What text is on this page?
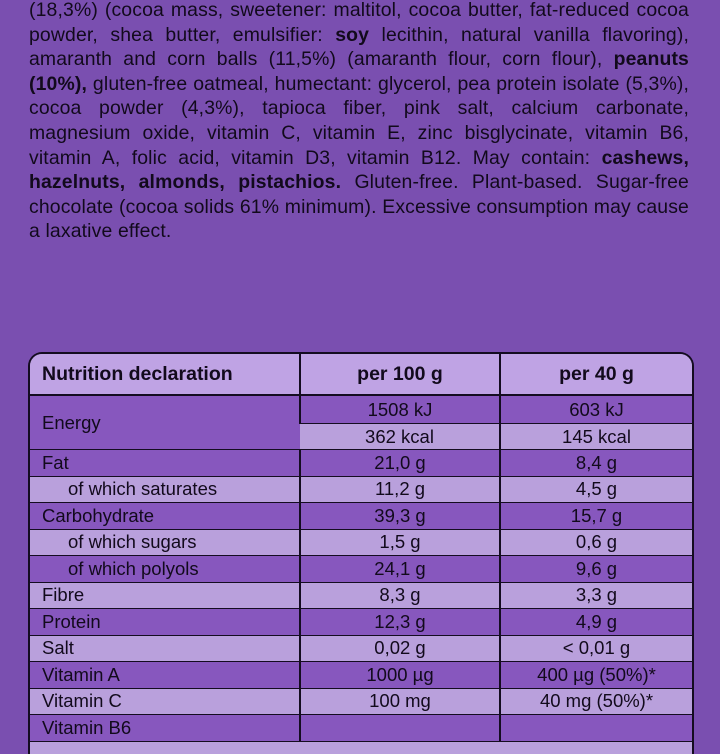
(18,3%) (cocoa mass, sweetener: maltitol, cocoa butter, fat-reduced cocoa powder, shea butter, emulsifier: soy lecithin, natural vanilla flavoring), amaranth and corn balls (11,5%) (amaranth flour, corn flour), peanuts (10%), gluten-free oatmeal, humectant: glycerol, pea protein isolate (5,3%), cocoa powder (4,3%), tapioca fiber, pink salt, calcium carbonate, magnesium oxide, vitamin C, vitamin E, zinc bisglycinate, vitamin B6, vitamin A, folic acid, vitamin D3, vitamin B12. May contain: cashews, hazelnuts, almonds, pistachios. Gluten-free. Plant-based. Sugar-free chocolate (cocoa solids 61% minimum). Excessive consumption may cause a laxative effect.
Nutrition declaration	per 100 g	per 40 g
Energy	1508 kJ	603 kJ
	362 kcal	145 kcal
Fat	21,0 g	8,4 g
of which saturates	11,2 g	4,5 g
Carbohydrate	39,3 g	15,7 g
of which sugars	1,5 g	0,6 g
of which polyols	24,1 g	9,6 g
Fibre	8,3 g	3,3 g
Protein	12,3 g	4,9 g
Salt	0,02 g	< 0,01 g
Vitamin A	1000 µg	400 µg (50%)*
Vitamin C	100 mg	40 mg (50%)*
Vitamin B6		
